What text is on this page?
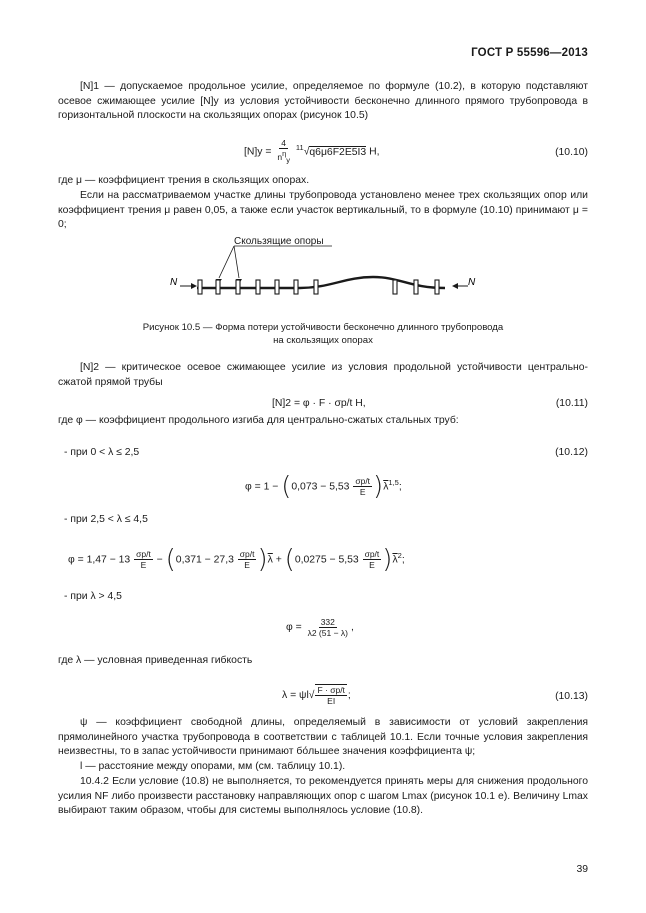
ГОСТ Р 55596—2013
[N]1 — допускаемое продольное усилие, определяемое по формуле (10.2), в которую подставляют осевое сжимающее усилие [N]y из условия устойчивости бесконечно длинного прямого трубопровода в горизонтальной плоскости на скользящих опорах (рисунок 10.5)
$[N]y = \frac{4}{n^\eta_y} ^{11}√q6\mu 6F2E5I3$ H,	(10.10)
где μ — коэффициент трения в скользящих опорах.
Если на рассматриваемом участке длины трубопровода установлено менее трех скользящих опор или коэффициент трения μ равен 0,05, а также если участок вертикальный, то в формуле (10.10) принимают μ = 0;
Скользящие опоры
N	N
Рисунок 10.5 — Форма потери устойчивости бесконечно длинного трубопровода
на скользящих опорах
[N]2 — критическое осевое сжимающее усилие из условия продольной устойчивости центрально-сжатой прямой трубы
[N]2 = φ · F · σp/t H,	(10.11)
где φ — коэффициент продольного изгиба для центрально-сжатых стальных труб:
- при 0 < λ ≤ 2,5	(10.12)
$\varphi = 1 - (0,073 - 5,53 \frac{\sigma p/t}{E} )\overline{\lambda}^{1,5}$;
- при 2,5 < λ ≤ 4,5
$\varphi = 1,47 - 13 \frac{\sigma p/t}{E} - (0,371 - 27,3 \frac{\sigma p/t}{E} )\overline{\lambda} + (0,0275 - 5,53 \frac{\sigma p/t}{E} )\overline{\lambda}^2$;
- при λ > 4,5
$\varphi = \frac{332}{\lambda 2 (51 - \lambda)}$ ,
где λ — условная приведенная гибкость
$\lambda = \psi l√ \frac{F \cdot \sigma p/t}{EI}$ ;	(10.13)
ψ — коэффициент свободной длины, определяемый в зависимости от условий закрепления прямолинейного участка трубопровода в соответствии с таблицей 10.1. Если точные условия закрепления неизвестны, то в запас устойчивости принимают бо́льшее значения коэффициента ψ;
l — расстояние между опорами, мм (см. таблицу 10.1).
10.4.2 Если условие (10.8) не выполняется, то рекомендуется принять меры для снижения продольного усилия NF либо произвести расстановку направляющих опор с шагом Lmax (рисунок 10.1 е). Величину Lmax выбирают таким образом, чтобы для системы выполнялось условие (10.8).
39
